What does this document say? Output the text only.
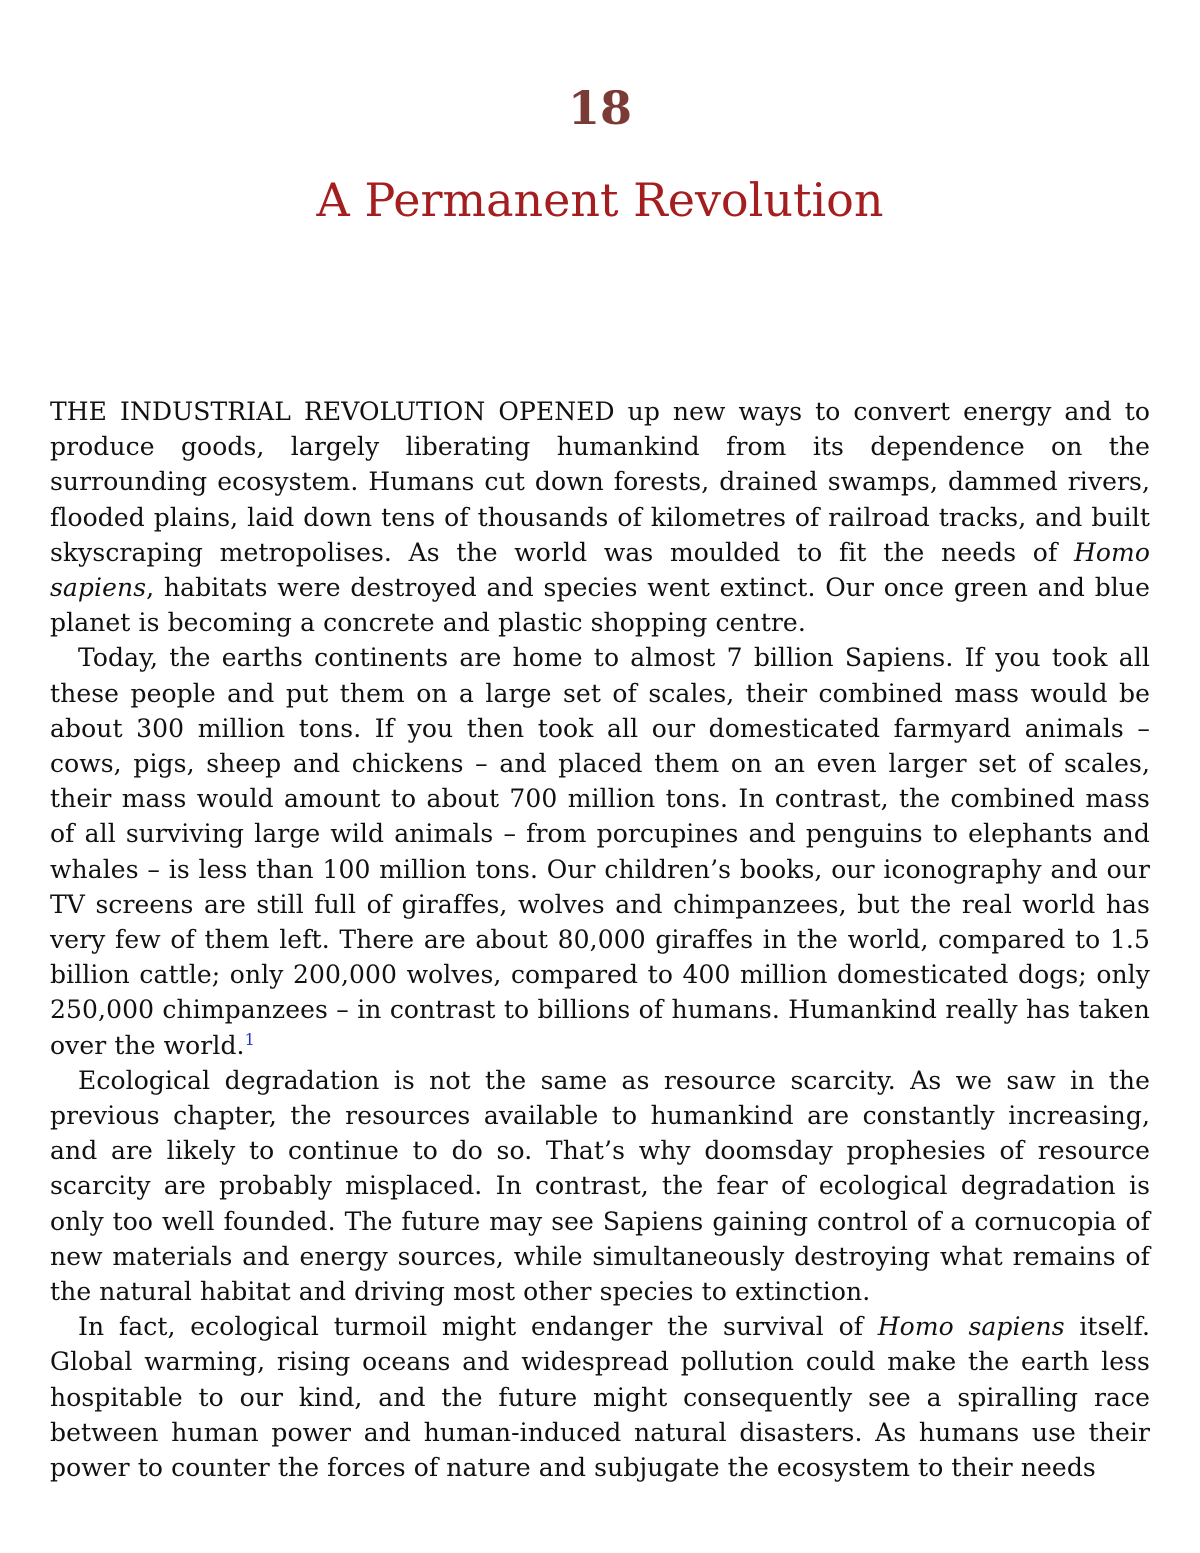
18
A Permanent Revolution

THE INDUSTRIAL REVOLUTION OPENED up new ways to convert energy and to produce goods, largely liberating humankind from its dependence on the surrounding ecosystem. Humans cut down forests, drained swamps, dammed rivers, flooded plains, laid down tens of thousands of kilometres of railroad tracks, and built skyscraping metropolises. As the world was moulded to fit the needs of Homo sapiens, habitats were destroyed and species went extinct. Our once green and blue planet is becoming a concrete and plastic shopping centre.

Today, the earths continents are home to almost 7 billion Sapiens. If you took all these people and put them on a large set of scales, their combined mass would be about 300 million tons. If you then took all our domesticated farmyard animals – cows, pigs, sheep and chickens – and placed them on an even larger set of scales, their mass would amount to about 700 million tons. In contrast, the combined mass of all surviving large wild animals – from porcupines and penguins to elephants and whales – is less than 100 million tons. Our children’s books, our iconography and our TV screens are still full of giraffes, wolves and chimpanzees, but the real world has very few of them left. There are about 80,000 giraffes in the world, compared to 1.5 billion cattle; only 200,000 wolves, compared to 400 million domesticated dogs; only 250,000 chimpanzees – in contrast to billions of humans. Humankind really has taken over the world.$^1$

Ecological degradation is not the same as resource scarcity. As we saw in the previous chapter, the resources available to humankind are constantly increasing, and are likely to continue to do so. That’s why doomsday prophesies of resource scarcity are probably misplaced. In contrast, the fear of ecological degradation is only too well founded. The future may see Sapiens gaining control of a cornucopia of new materials and energy sources, while simultaneously destroying what remains of the natural habitat and driving most other species to extinction.

In fact, ecological turmoil might endanger the survival of Homo sapiens itself. Global warming, rising oceans and widespread pollution could make the earth less hospitable to our kind, and the future might consequently see a spiralling race between human power and human-induced natural disasters. As humans use their power to counter the forces of nature and subjugate the ecosystem to their needs
